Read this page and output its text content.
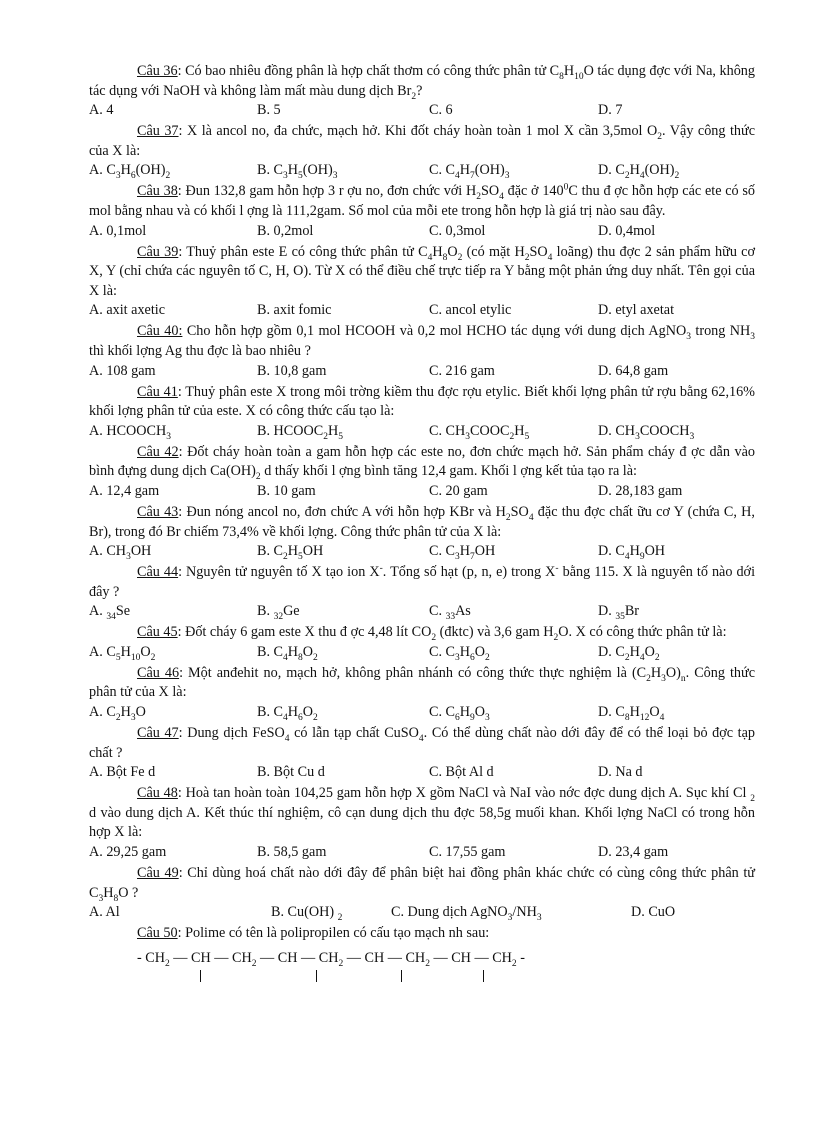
Câu 36: Có bao nhiêu đồng phân là hợp chất thơm có công thức phân tử $C_8H_{10}O$ tác dụng đợc với Na, không tác dụng với NaOH và không làm mất màu dung dịch $Br_2$?

A. 4	B. 5	C. 6	D. 7

Câu 37: X là ancol no, đa chức, mạch hở. Khi đốt cháy hoàn toàn 1 mol X cần 3,5mol $O_2$. Vậy công thức của X là:

A. $C_3H_6(OH)_2$	B. $C_3H_5(OH)_3$	C. $C_4H_7(OH)_3$	D. $C_2H_4(OH)_2$

Câu 38: Đun 132,8 gam hỗn hợp 3 r ợu no, đơn chức với $H_2SO_4$ đặc ở $140^0C$ thu đ ợc hỗn hợp các ete có số mol bằng nhau và có khối l ợng là 111,2gam. Số mol của mỗi ete trong hỗn hợp là giá trị nào sau đây.

A. 0,1mol	B. 0,2mol	C. 0,3mol	D. 0,4mol

Câu 39: Thuỷ phân este E có công thức phân tử $C_4H_8O_2$ (có mặt $H_2SO_4$ loãng) thu đợc 2 sản phẩm hữu cơ X, Y (chỉ chứa các nguyên tố C, H, O). Từ X có thể điều chế trực tiếp ra Y bằng một phản ứng duy nhất. Tên gọi của X là:

A. axit axetic	B. axit fomic	C. ancol etylic	D. etyl axetat

Câu 40: Cho hỗn hợp gồm 0,1 mol HCOOH và 0,2 mol HCHO tác dụng với dung dịch AgNO$_3$ trong $NH_3$ thì khối lợng Ag thu đợc là bao nhiêu ?

A. 108 gam	B. 10,8 gam	C. 216 gam	D. 64,8 gam

Câu 41: Thuỷ phân este X trong môi trờng kiềm thu đợc rợu etylic. Biết khối lợng phân tử rợu bằng 62,16% khối lợng phân tử của este. X có công thức cấu tạo là:

A. $HCOOCH_3$	B. $HCOOC_2H_5$	C. $CH_3COOC_2H_5$	D. $CH_3COOCH_3$

Câu 42: Đốt cháy hoàn toàn a gam hỗn hợp các este no, đơn chức mạch hở. Sản phẩm cháy đ ợc dẫn vào bình đựng dung dịch $Ca(OH)_2$ d thấy khối l ợng bình tăng 12,4 gam. Khối l ợng kết tủa tạo ra là:

A. 12,4 gam	B. 10 gam	C. 20 gam	D. 28,183 gam

Câu 43: Đun nóng ancol no, đơn chức A với hỗn hợp KBr và $H_2SO_4$ đặc thu đợc chất ữu cơ Y (chứa C, H, Br), trong đó Br chiếm 73,4% về khối lợng. Công thức phân tử của X là:

A. $CH_3OH$	B. $C_2H_5OH$	C. $C_3H_7OH$	D. $C_4H_9OH$

Câu 44: Nguyên tử nguyên tố X tạo ion X-. Tổng số hạt (p, n, e) trong X- bằng 115. X là nguyên tố nào dới đây ?

A. $_{34}$Se	B. $_{32}$Ge	C. $_{33}$As	D. $_{35}$Br

Câu 45: Đốt cháy 6 gam este X thu đ ợc 4,48 lít $CO_2$ (đktc) và 3,6 gam $H_2O$. X có công thức phân tử là:

A. $C_5H_{10}O_2$	B. $C_4H_8O_2$	C. $C_3H_6O_2$	D. $C_2H_4O_2$

Câu 46: Một anđehit no, mạch hở, không phân nhánh có công thức thực nghiệm là $(C_2H_3O)_n$. Công thức phân tử của X là:

A. $C_2H_3O$	B. $C_4H_6O_2$	C. $C_6H_9O_3$	D. $C_8H_{12}O_4$

Câu 47: Dung dịch FeSO$_4$ có lẫn tạp chất CuSO$_4$. Có thể dùng chất nào dới đây để có thể loại bỏ đợc tạp chất ?

A. Bột Fe d	B. Bột Cu d	C. Bột Al d	D. Na d

Câu 48: Hoà tan hoàn toàn 104,25 gam hỗn hợp X gồm NaCl và NaI vào nớc đợc dung dịch A. Sục khí Cl $_2$ d vào dung dịch A. Kết thúc thí nghiệm, cô cạn dung dịch thu đợc 58,5g muối khan. Khối lợng NaCl có trong hỗn hợp X là:

A. 29,25 gam	B. 58,5 gam	C. 17,55 gam	D. 23,4 gam

Câu 49: Chỉ dùng hoá chất nào dới đây để phân biệt hai đồng phân khác chức có cùng công thức phân tử $C_3H_8O$ ?

A. Al	B. Cu(OH) $_2$	C. Dung dịch $AgNO_3/NH_3$	D. CuO

Câu 50: Polime có tên là polipropilen có cấu tạo mạch nh sau:

- $CH_2$ — CH — $CH_2$ — CH — $CH_2$ — CH — $CH_2$ — CH — $CH_2$ -
